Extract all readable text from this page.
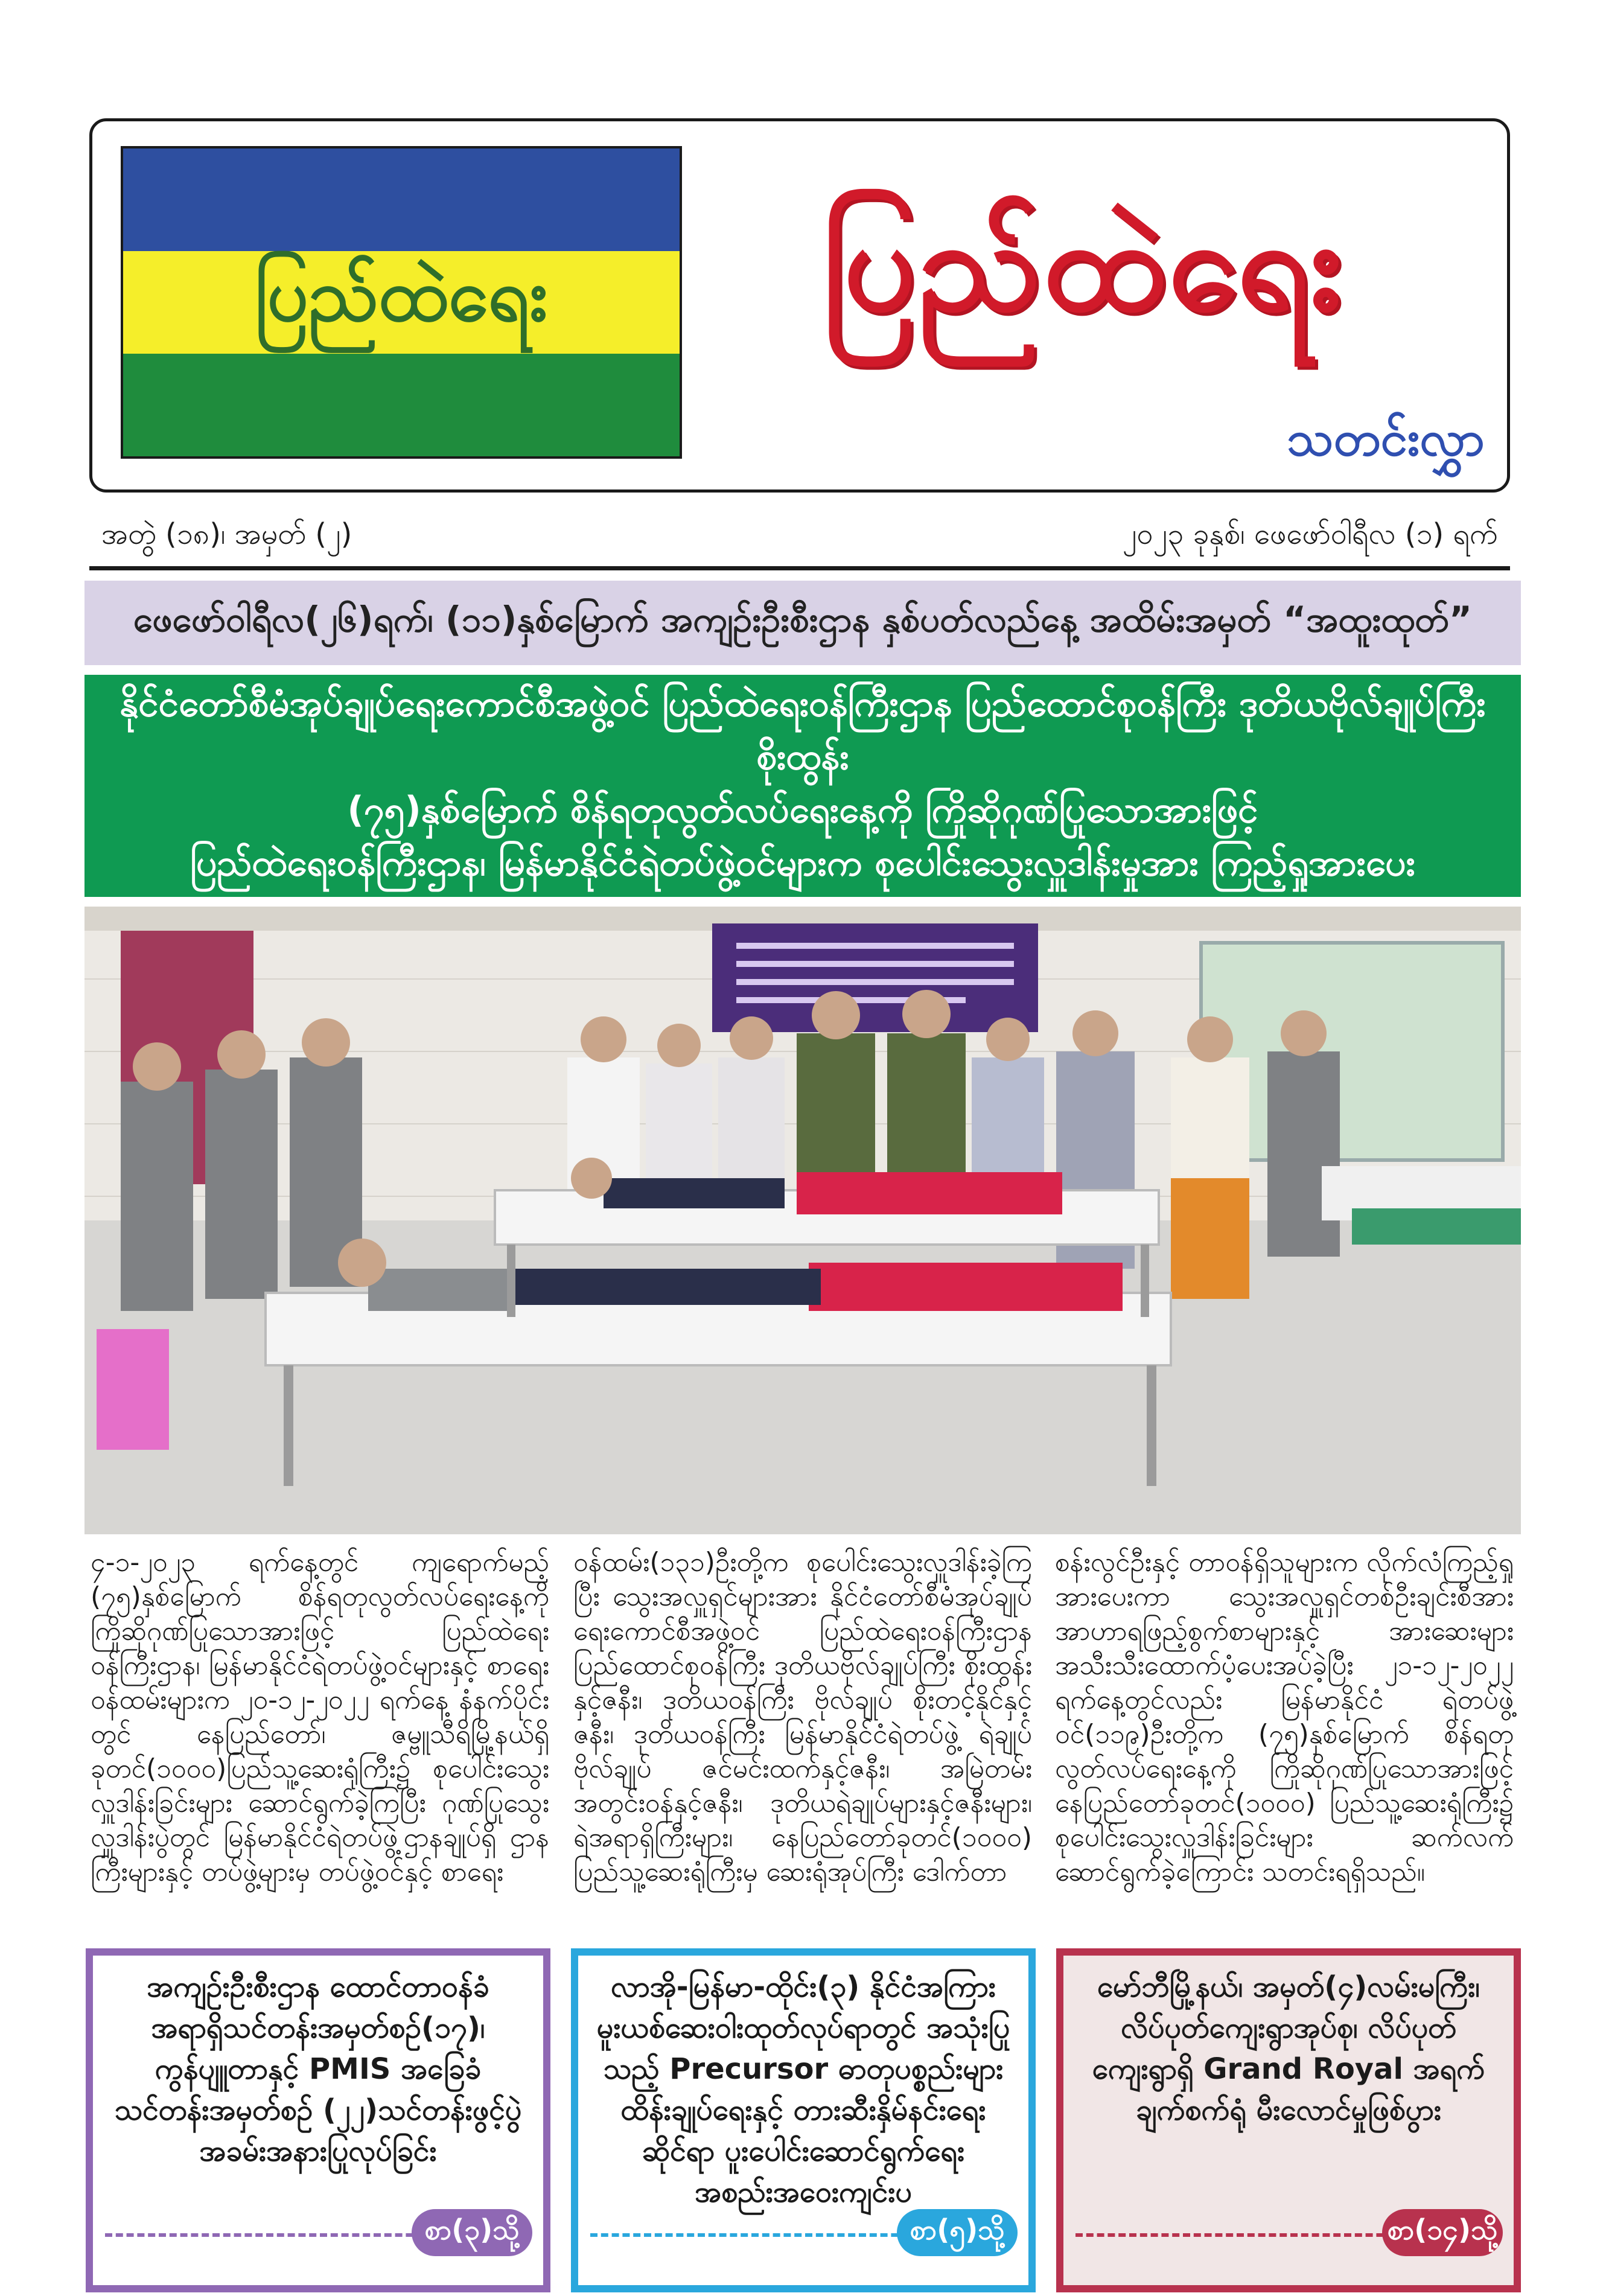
ပြည်ထဲရေး	ပြည်ထဲရေး
သတင်းလွှာ
အတွဲ (၁၈)၊ အမှတ် (၂)	၂၀၂၃ ခုနှစ်၊ ဖေဖော်ဝါရီလ (၁) ရက်
ဖေဖော်ဝါရီလ(၂၆)ရက်၊ (၁၁)နှစ်မြောက် အကျဉ်းဦးစီးဌာန နှစ်ပတ်လည်နေ့ အထိမ်းအမှတ် “အထူးထုတ်”
နိုင်ငံတော်စီမံအုပ်ချုပ်ရေးကောင်စီအဖွဲ့ဝင် ပြည်ထဲရေးဝန်ကြီးဌာန ပြည်ထောင်စုဝန်ကြီး ဒုတိယဗိုလ်ချုပ်ကြီး စိုးထွန်း
(၇၅)နှစ်မြောက် စိန်ရတုလွတ်လပ်ရေးနေ့ကို ကြိုဆိုဂုဏ်ပြုသောအားဖြင့်
ပြည်ထဲရေးဝန်ကြီးဌာန၊ မြန်မာနိုင်ငံရဲတပ်ဖွဲ့ဝင်များက စုပေါင်းသွေးလှူဒါန်းမှုအား ကြည့်ရှုအားပေး
၄-၁-၂၀၂၃ ရက်နေ့တွင် ကျရောက်မည့် (၇၅)နှစ်မြောက် စိန်ရတုလွတ်လပ်ရေးနေ့ကို ကြိုဆိုဂုဏ်ပြုသောအားဖြင့် ပြည်ထဲရေးဝန်ကြီးဌာန၊ မြန်မာနိုင်ငံရဲတပ်ဖွဲ့ဝင်များနှင့် စာရေးဝန်ထမ်းများက ၂၀-၁၂-၂၀၂၂ ရက်နေ့ နံနက်ပိုင်းတွင် နေပြည်တော်၊ ဇမ္ဗူသီရိမြို့နယ်ရှိ ခုတင်(၁၀၀၀)ပြည်သူ့ဆေးရုံကြီး၌ စုပေါင်းသွေးလှူဒါန်းခြင်းများ ဆောင်ရွက်ခဲ့ကြပြီး ဂုဏ်ပြုသွေးလှူဒါန်းပွဲတွင် မြန်မာနိုင်ငံရဲတပ်ဖွဲ့ဌာနချုပ်ရှိ ဌာနကြီးများနှင့် တပ်ဖွဲ့များမှ တပ်ဖွဲ့ဝင်နှင့် စာရေး
ဝန်ထမ်း(၁၃၁)ဦးတို့က စုပေါင်းသွေးလှူဒါန်းခဲ့ကြပြီး သွေးအလှူရှင်များအား နိုင်ငံတော်စီမံအုပ်ချုပ်ရေးကောင်စီအဖွဲ့ဝင် ပြည်ထဲရေးဝန်ကြီးဌာန ပြည်ထောင်စုဝန်ကြီး ဒုတိယဗိုလ်ချုပ်ကြီး စိုးထွန်းနှင့်ဇနီး၊ ဒုတိယဝန်ကြီး ဗိုလ်ချုပ် စိုးတင့်နိုင်နှင့်ဇနီး၊ ဒုတိယဝန်ကြီး မြန်မာနိုင်ငံရဲတပ်ဖွဲ့ ရဲချုပ် ဗိုလ်ချုပ် ဇင်မင်းထက်နှင့်ဇနီး၊ အမြဲတမ်းအတွင်းဝန်နှင့်ဇနီး၊ ဒုတိယရဲချုပ်များနှင့်ဇနီးများ၊ ရဲအရာရှိကြီးများ၊ နေပြည်တော်ခုတင်(၁၀၀၀) ပြည်သူ့ဆေးရုံကြီးမှ ဆေးရုံအုပ်ကြီး ဒေါက်တာ
စန်းလွင်ဦးနှင့် တာဝန်ရှိသူများက လိုက်လံကြည့်ရှုအားပေးကာ သွေးအလှူရှင်တစ်ဦးချင်းစီအား အာဟာရဖြည့်စွက်စာများနှင့် အားဆေးများ အသီးသီးထောက်ပံ့ပေးအပ်ခဲ့ပြီး ၂၁-၁၂-၂၀၂၂ ရက်နေ့တွင်လည်း မြန်မာနိုင်ငံ ရဲတပ်ဖွဲ့ဝင်(၁၁၉)ဦးတို့က (၇၅)နှစ်မြောက် စိန်ရတုလွတ်လပ်ရေးနေ့ကို ကြိုဆိုဂုဏ်ပြုသောအားဖြင့် နေပြည်တော်ခုတင်(၁၀၀၀) ပြည်သူ့ဆေးရုံကြီး၌ စုပေါင်းသွေးလှူဒါန်းခြင်းများ ဆက်လက်ဆောင်ရွက်ခဲ့ကြောင်း သတင်းရရှိသည်။
အကျဉ်းဦးစီးဌာန ထောင်တာဝန်ခံအရာရှိသင်တန်းအမှတ်စဉ်(၁၇)၊ ကွန်ပျူတာနှင့် PMIS အခြေခံသင်တန်းအမှတ်စဉ် (၂၂)သင်တန်းဖွင့်ပွဲအခမ်းအနားပြုလုပ်ခြင်း
စာ(၃)သို့
လာအို-မြန်မာ-ထိုင်း(၃) နိုင်ငံအကြား မူးယစ်ဆေးဝါးထုတ်လုပ်ရာတွင် အသုံးပြုသည့် Precursor ဓာတုပစ္စည်းများထိန်းချုပ်ရေးနှင့် တားဆီးနှိမ်နင်းရေးဆိုင်ရာ ပူးပေါင်းဆောင်ရွက်ရေးအစည်းအဝေးကျင်းပ
စာ(၅)သို့
မော်ဘီမြို့နယ်၊ အမှတ်(၄)လမ်းမကြီး၊ လိပ်ပုတ်ကျေးရွာအုပ်စု၊ လိပ်ပုတ်ကျေးရွာရှိ Grand Royal အရက်ချက်စက်ရုံ မီးလောင်မှုဖြစ်ပွား
စာ(၁၄)သို့
